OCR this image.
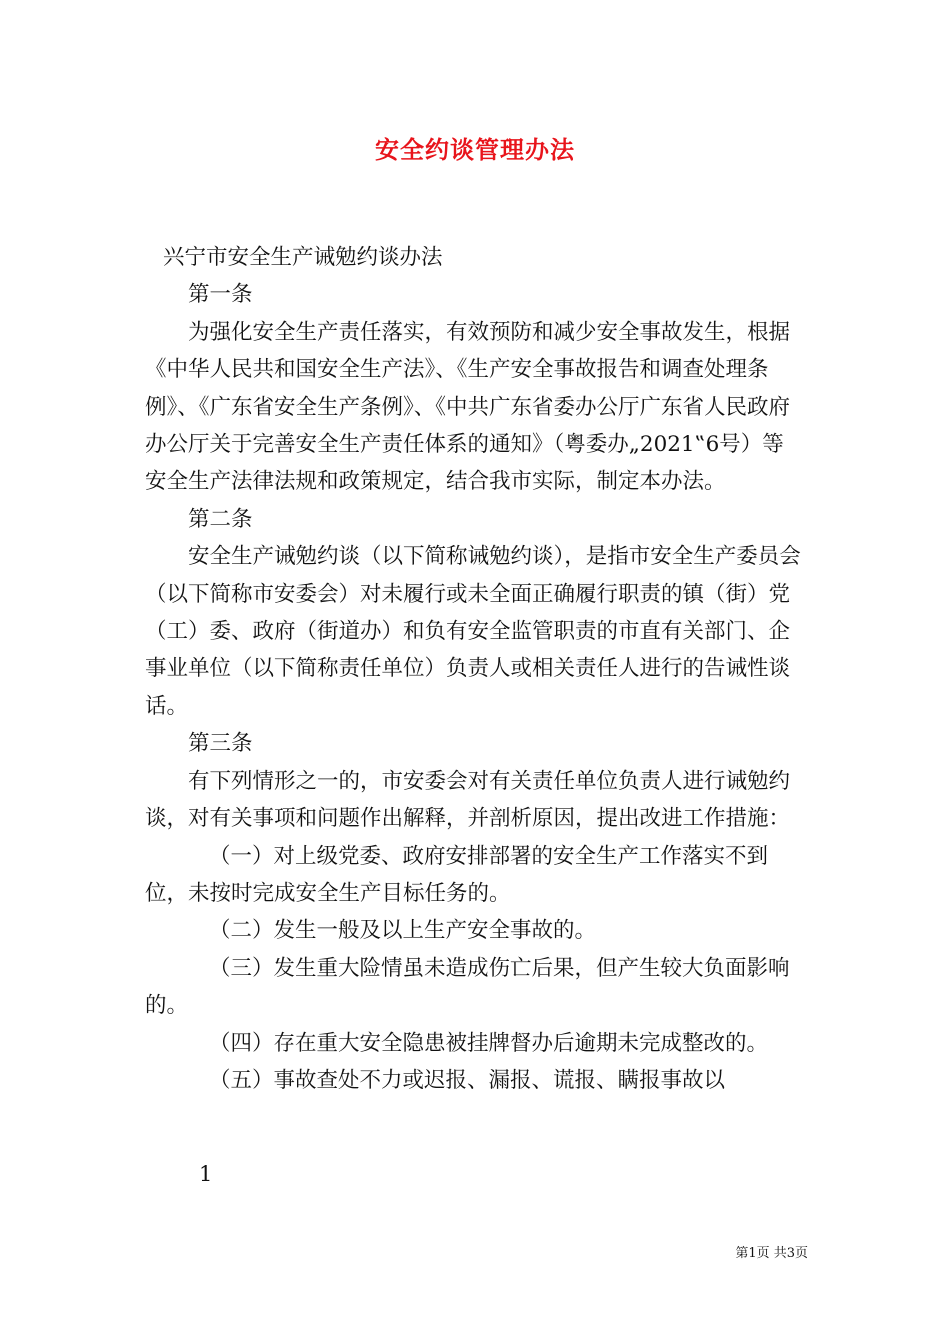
安全约谈管理办法

兴宁市安全生产诫勉约谈办法

第一条

为强化安全生产责任落实，有效预防和减少安全事故发生，根据《中华人民共和国安全生产法》、《生产安全事故报告和调查处理条例》、《广东省安全生产条例》、《中共广东省委办公厅广东省人民政府办公厅关于完善安全生产责任体系的通知》（粤委办„2021‟6号）等安全生产法律法规和政策规定，结合我市实际，制定本办法。

第二条

安全生产诫勉约谈（以下简称诫勉约谈），是指市安全生产委员会（以下简称市安委会）对未履行或未全面正确履行职责的镇（街）党（工）委、政府（街道办）和负有安全监管职责的市直有关部门、企事业单位（以下简称责任单位）负责人或相关责任人进行的告诫性谈话。

第三条

有下列情形之一的，市安委会对有关责任单位负责人进行诫勉约谈，对有关事项和问题作出解释，并剖析原因，提出改进工作措施：

（一）对上级党委、政府安排部署的安全生产工作落实不到位，未按时完成安全生产目标任务的。

（二）发生一般及以上生产安全事故的。

（三）发生重大险情虽未造成伤亡后果，但产生较大负面影响的。

（四）存在重大安全隐患被挂牌督办后逾期未完成整改的。

（五）事故查处不力或迟报、漏报、谎报、瞒报事故以

1
第1页 共3页
